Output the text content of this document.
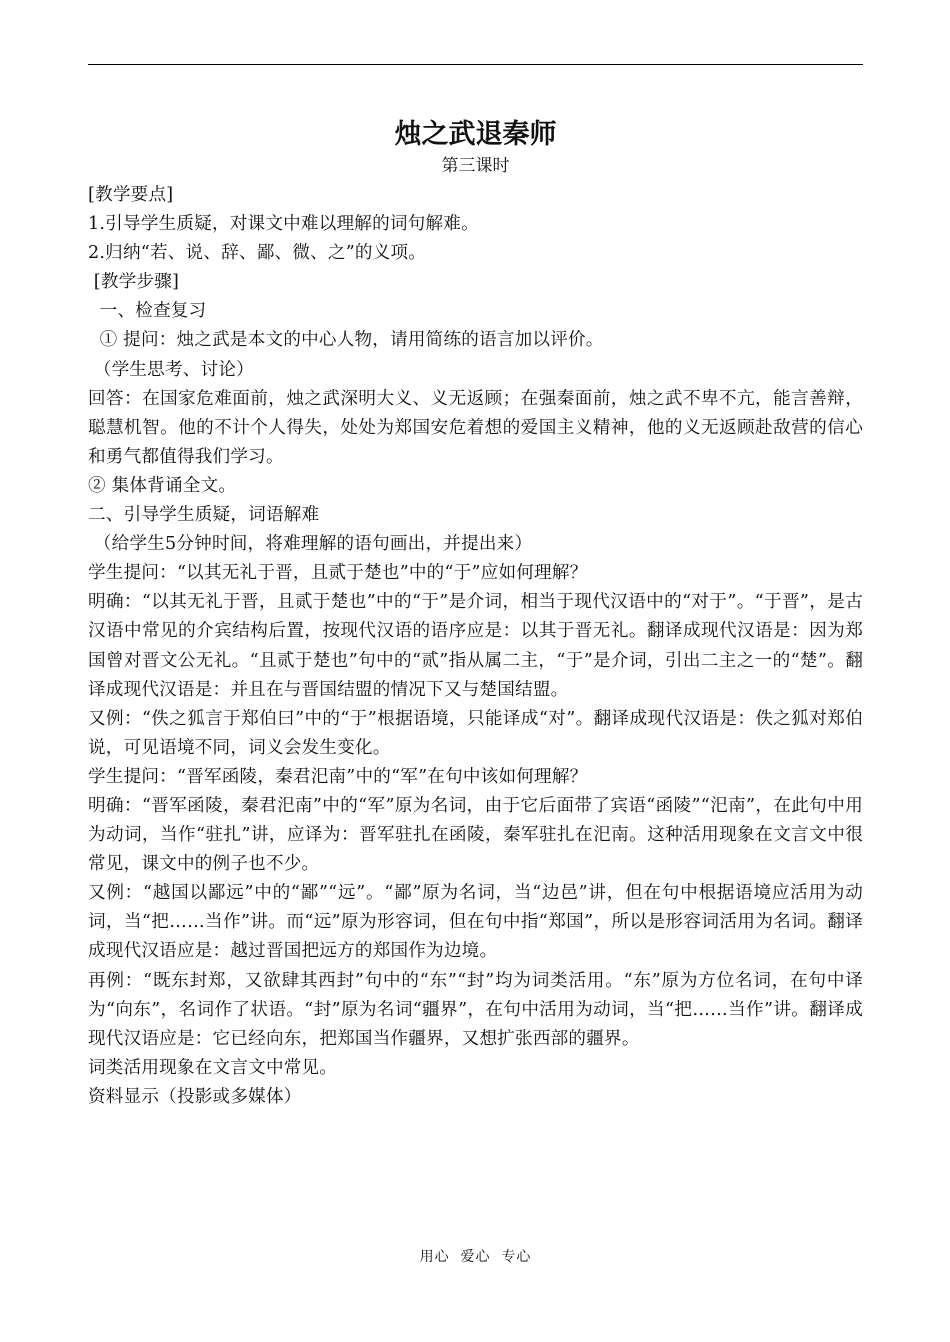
烛之武退秦师
第三课时
[教学要点]
1.引导学生质疑，对课文中难以理解的词句解难。
2.归纳“若、说、辞、鄙、微、之”的义项。
[教学步骤]
一、检查复习
① 提问：烛之武是本文的中心人物，请用简练的语言加以评价。
（学生思考、讨论）
回答：在国家危难面前，烛之武深明大义、义无返顾；在强秦面前，烛之武不卑不亢，能言善辩，聪慧机智。他的不计个人得失，处处为郑国安危着想的爱国主义精神，他的义无返顾赴敌营的信心和勇气都值得我们学习。
② 集体背诵全文。
二、引导学生质疑，词语解难
（给学生5分钟时间，将难理解的语句画出，并提出来）
学生提问：“以其无礼于晋，且贰于楚也”中的“于”应如何理解？
明确：“以其无礼于晋，且贰于楚也”中的“于”是介词，相当于现代汉语中的“对于”。“于晋”，是古汉语中常见的介宾结构后置，按现代汉语的语序应是：以其于晋无礼。翻译成现代汉语是：因为郑国曾对晋文公无礼。“且贰于楚也”句中的“贰”指从属二主，“于”是介词，引出二主之一的“楚”。翻译成现代汉语是：并且在与晋国结盟的情况下又与楚国结盟。
又例：“佚之狐言于郑伯曰”中的“于”根据语境，只能译成“对”。翻译成现代汉语是：佚之狐对郑伯说，可见语境不同，词义会发生变化。
学生提问：“晋军函陵，秦君汜南”中的“军”在句中该如何理解？
明确：“晋军函陵，秦君汜南”中的“军”原为名词，由于它后面带了宾语“函陵”“汜南”，在此句中用为动词，当作“驻扎”讲，应译为：晋军驻扎在函陵，秦军驻扎在汜南。这种活用现象在文言文中很常见，课文中的例子也不少。
又例：“越国以鄙远”中的“鄙”“远”。“鄙”原为名词，当“边邑”讲，但在句中根据语境应活用为动词，当“把……当作”讲。而“远”原为形容词，但在句中指“郑国”，所以是形容词活用为名词。翻译成现代汉语应是：越过晋国把远方的郑国作为边境。
再例：“既东封郑，又欲肆其西封”句中的“东”“封”均为词类活用。“东”原为方位名词，在句中译为“向东”，名词作了状语。“封”原为名词“疆界”，在句中活用为动词，当“把……当作”讲。翻译成现代汉语应是：它已经向东，把郑国当作疆界，又想扩张西部的疆界。
词类活用现象在文言文中常见。
资料显示（投影或多媒体）
用心  爱心  专心
